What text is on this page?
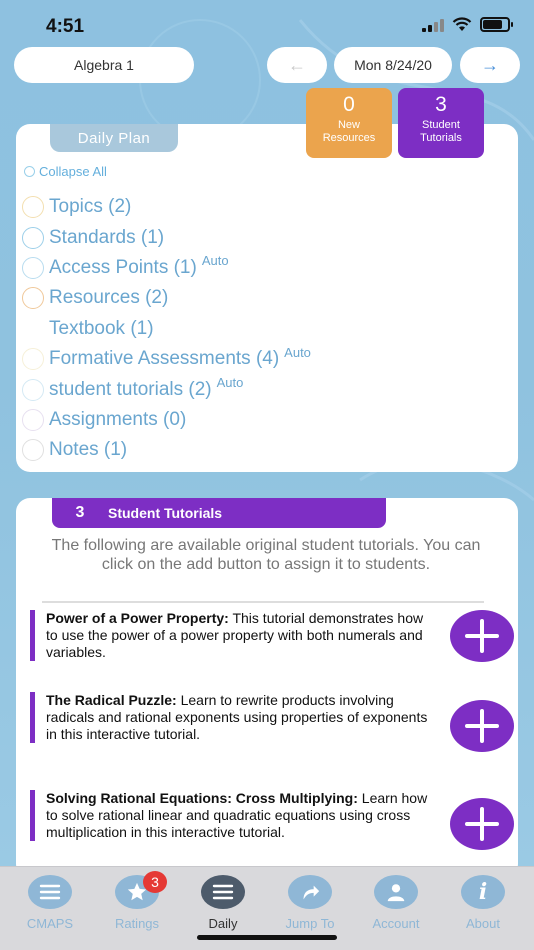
4:51
Algebra 1	←	Mon 8/24/20	→
0
New
Resources
3
Student
Tutorials
Daily Plan
Collapse All
Topics (2)
Standards (1)
Access Points (1) Auto
Resources (2)
Textbook (1)
Formative Assessments (4) Auto
student tutorials (2) Auto
Assignments (0)
Notes (1)
3	Student Tutorials
The following are available original student tutorials. You can click on the add button to assign it to students.
Power of a Power Property: This tutorial demonstrates how to use the power of a power property with both numerals and variables.
The Radical Puzzle: Learn to rewrite products involving radicals and rational exponents using properties of exponents in this interactive tutorial.
Solving Rational Equations: Cross Multiplying: Learn how to solve rational linear and quadratic equations using cross multiplication in this interactive tutorial.
CMAPS
3
Ratings	Daily	Jump To	Account
i
About
